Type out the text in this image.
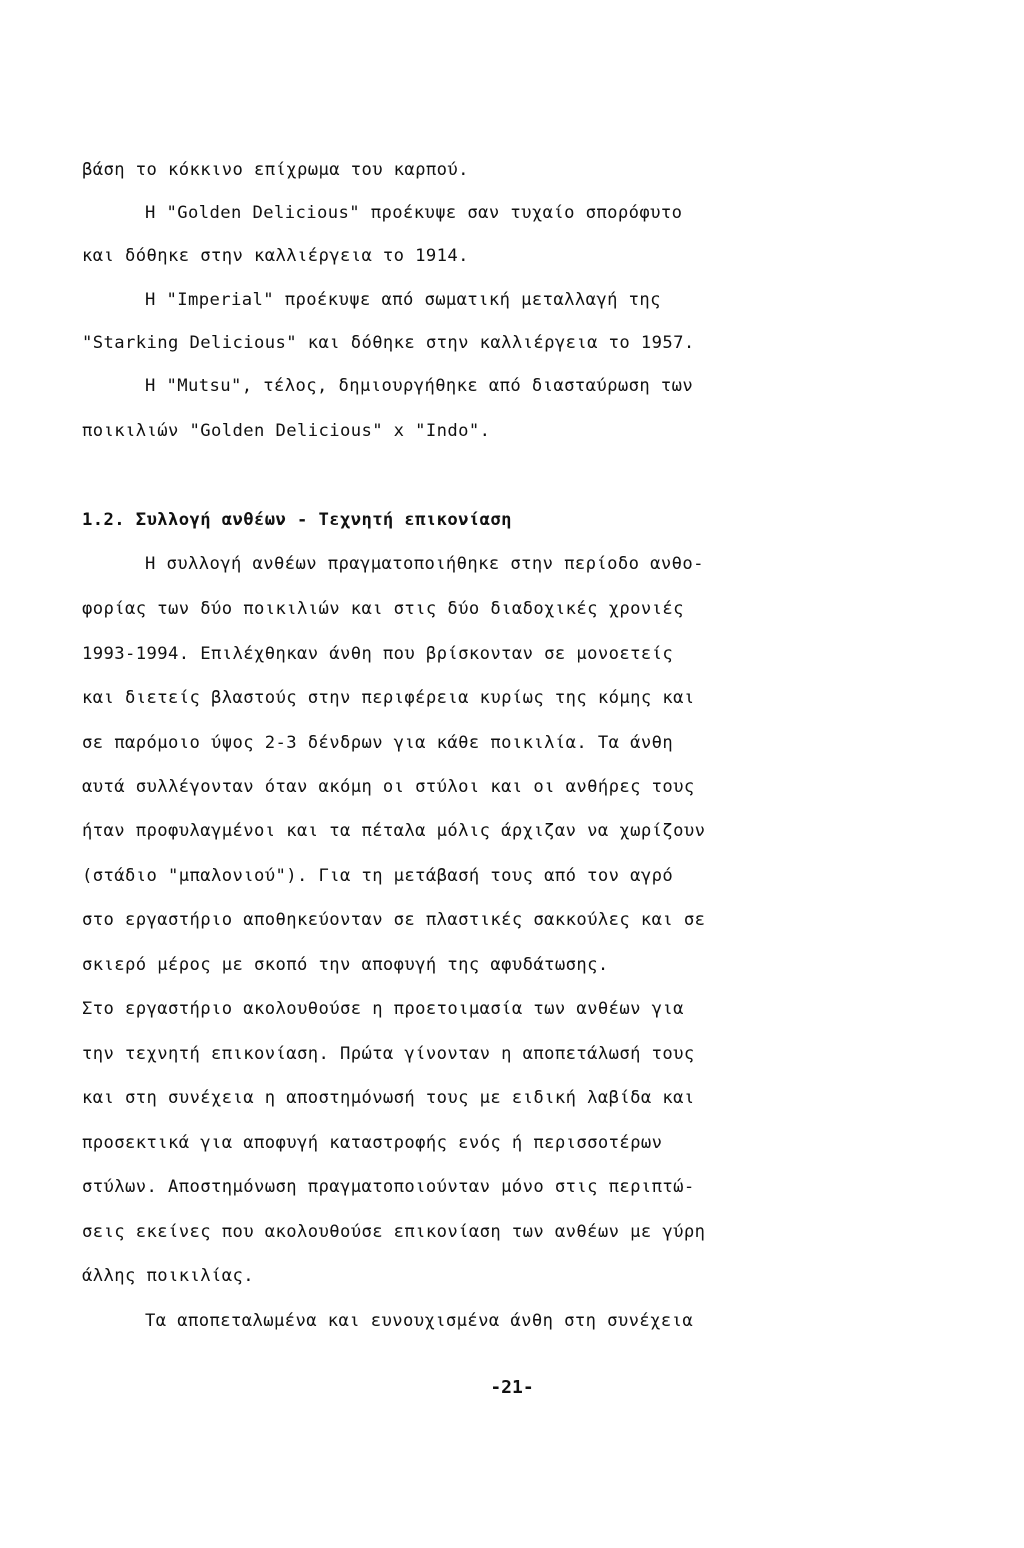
βάση το κόκκινο επίχρωμα του καρπού.
Η "Golden Delicious" προέκυψε σαν τυχαίο σπορόφυτο
και δόθηκε στην καλλιέργεια το 1914.
Η "Imperial" προέκυψε από σωματική μεταλλαγή της
"Starking Delicious" και δόθηκε στην καλλιέργεια το 1957.
Η "Mutsu", τέλος, δημιουργήθηκε από διασταύρωση των
ποικιλιών "Golden Delicious" x "Indo".
1.2. Συλλογή ανθέων - Τεχνητή επικονίαση
Η συλλογή ανθέων πραγματοποιήθηκε στην περίοδο ανθο-
φορίας των δύο ποικιλιών και στις δύο διαδοχικές χρονιές
1993-1994. Επιλέχθηκαν άνθη που βρίσκονταν σε μονοετείς
και διετείς βλαστούς στην περιφέρεια κυρίως της κόμης και
σε παρόμοιο ύψος 2-3 δένδρων για κάθε ποικιλία. Τα άνθη
αυτά συλλέγονταν όταν ακόμη οι στύλοι και οι ανθήρες τους
ήταν προφυλαγμένοι και τα πέταλα μόλις άρχιζαν να χωρίζουν
(στάδιο "μπαλονιού"). Για τη μετάβασή τους από τον αγρό
στο εργαστήριο αποθηκεύονταν σε πλαστικές σακκούλες και σε
σκιερό μέρος με σκοπό την αποφυγή της αφυδάτωσης.
Στο εργαστήριο ακολουθούσε η προετοιμασία των ανθέων για
την τεχνητή επικονίαση. Πρώτα γίνονταν η αποπετάλωσή τους
και στη συνέχεια η αποστημόνωσή τους με ειδική λαβίδα και
προσεκτικά για αποφυγή καταστροφής ενός ή περισσοτέρων
στύλων. Αποστημόνωση πραγματοποιούνταν μόνο στις περιπτώ-
σεις εκείνες που ακολουθούσε επικονίαση των ανθέων με γύρη
άλλης ποικιλίας.
Τα αποπεταλωμένα και ευνουχισμένα άνθη στη συνέχεια
-21-
